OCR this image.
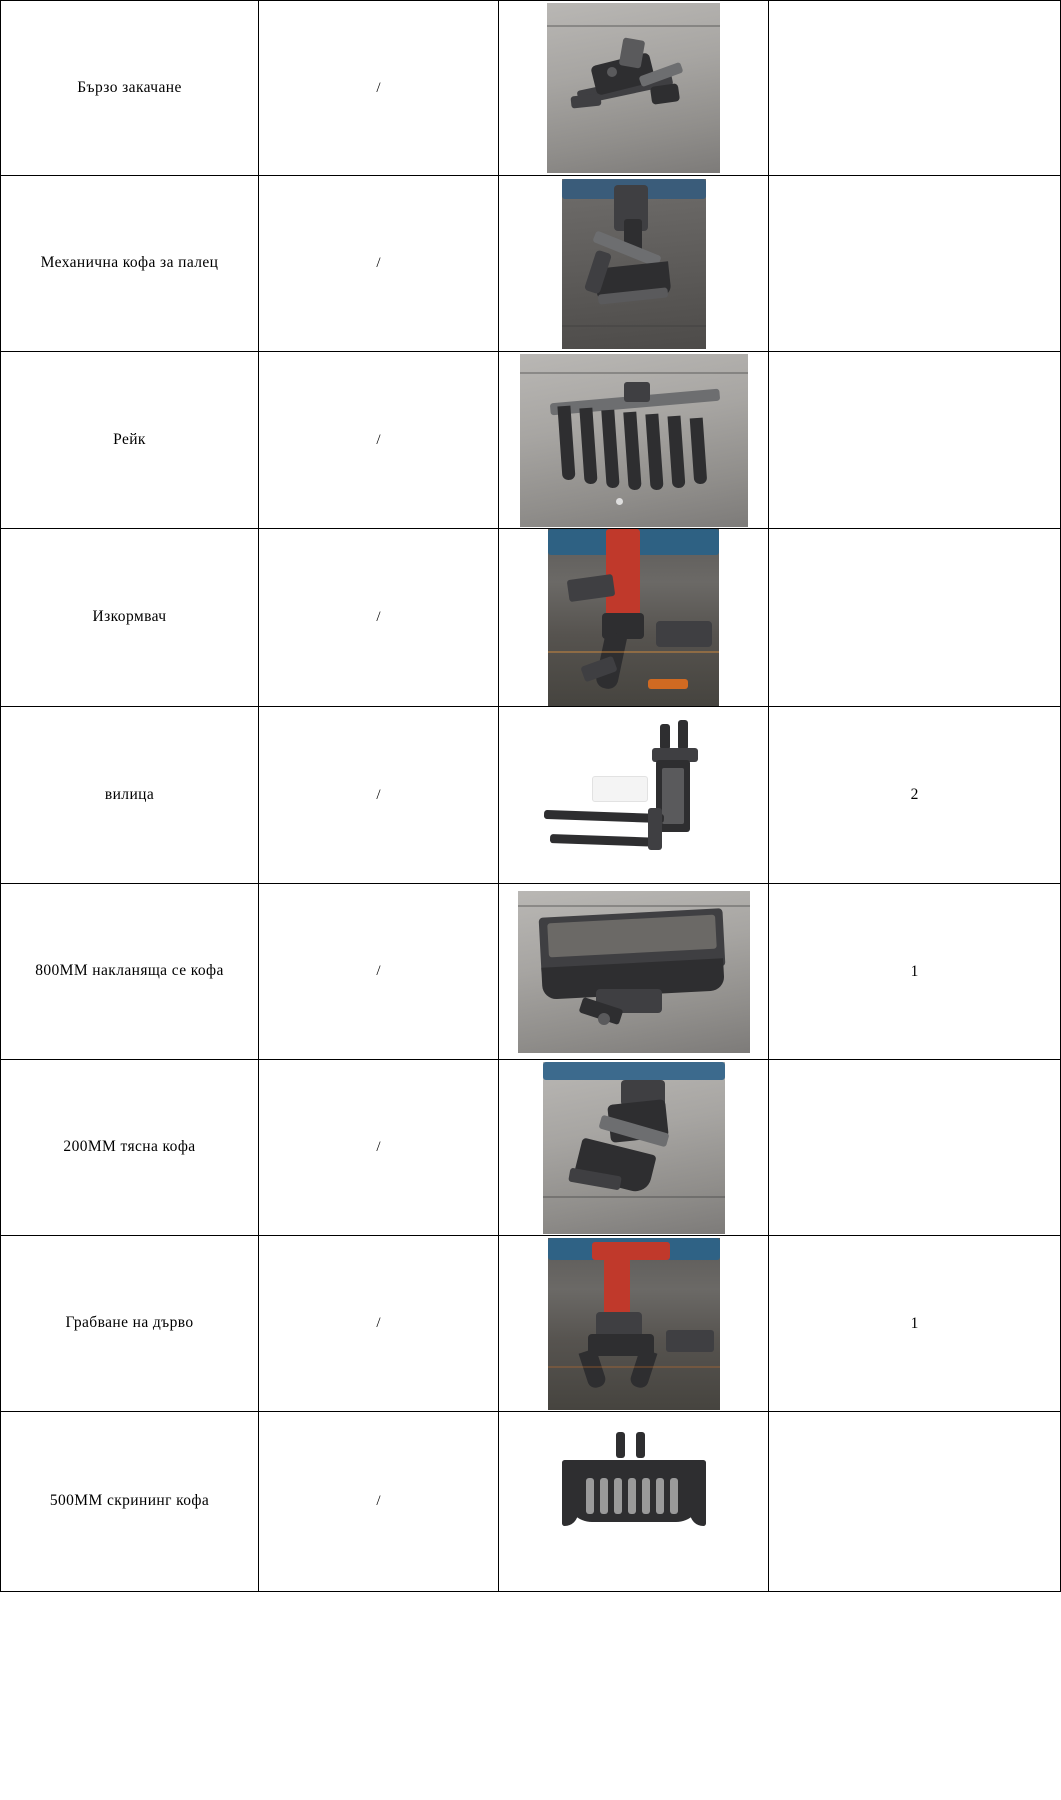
Бързо закачане	/	

Механична кофа за палец	/	

Рейк	/	

Изкормвач	/	

вилица	/		2
800MM накланяща се кофа	/		1
200MM тясна кофа	/	

Грабване на дърво	/		1
500MM скрининг кофа	/	
